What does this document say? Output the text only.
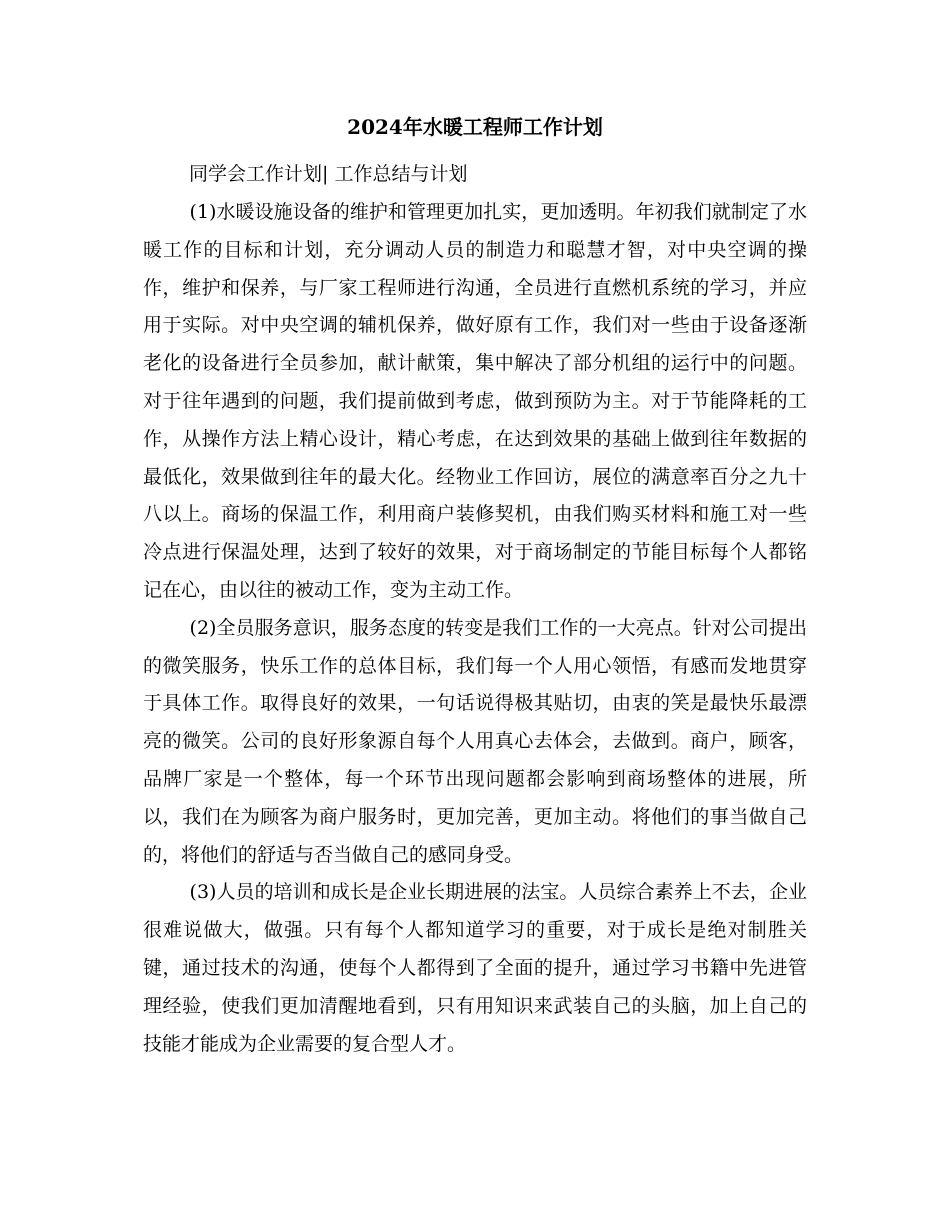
2024年水暖工程师工作计划

同学会工作计划| 工作总结与计划

(1)水暖设施设备的维护和管理更加扎实，更加透明。年初我们就制定了水暖工作的目标和计划，充分调动人员的制造力和聪慧才智，对中央空调的操作，维护和保养，与厂家工程师进行沟通，全员进行直燃机系统的学习，并应用于实际。对中央空调的辅机保养，做好原有工作，我们对一些由于设备逐渐老化的设备进行全员参加，献计献策，集中解决了部分机组的运行中的问题。对于往年遇到的问题，我们提前做到考虑，做到预防为主。对于节能降耗的工作，从操作方法上精心设计，精心考虑，在达到效果的基础上做到往年数据的最低化，效果做到往年的最大化。经物业工作回访，展位的满意率百分之九十八以上。商场的保温工作，利用商户装修契机，由我们购买材料和施工对一些冷点进行保温处理，达到了较好的效果，对于商场制定的节能目标每个人都铭记在心，由以往的被动工作，变为主动工作。

(2)全员服务意识，服务态度的转变是我们工作的一大亮点。针对公司提出的微笑服务，快乐工作的总体目标，我们每一个人用心领悟，有感而发地贯穿于具体工作。取得良好的效果，一句话说得极其贴切，由衷的笑是最快乐最漂亮的微笑。公司的良好形象源自每个人用真心去体会，去做到。商户，顾客，品牌厂家是一个整体，每一个环节出现问题都会影响到商场整体的进展，所以，我们在为顾客为商户服务时，更加完善，更加主动。将他们的事当做自己的，将他们的舒适与否当做自己的感同身受。

(3)人员的培训和成长是企业长期进展的法宝。人员综合素养上不去，企业很难说做大，做强。只有每个人都知道学习的重要，对于成长是绝对制胜关键，通过技术的沟通，使每个人都得到了全面的提升，通过学习书籍中先进管理经验，使我们更加清醒地看到，只有用知识来武装自己的头脑，加上自己的技能才能成为企业需要的复合型人才。
